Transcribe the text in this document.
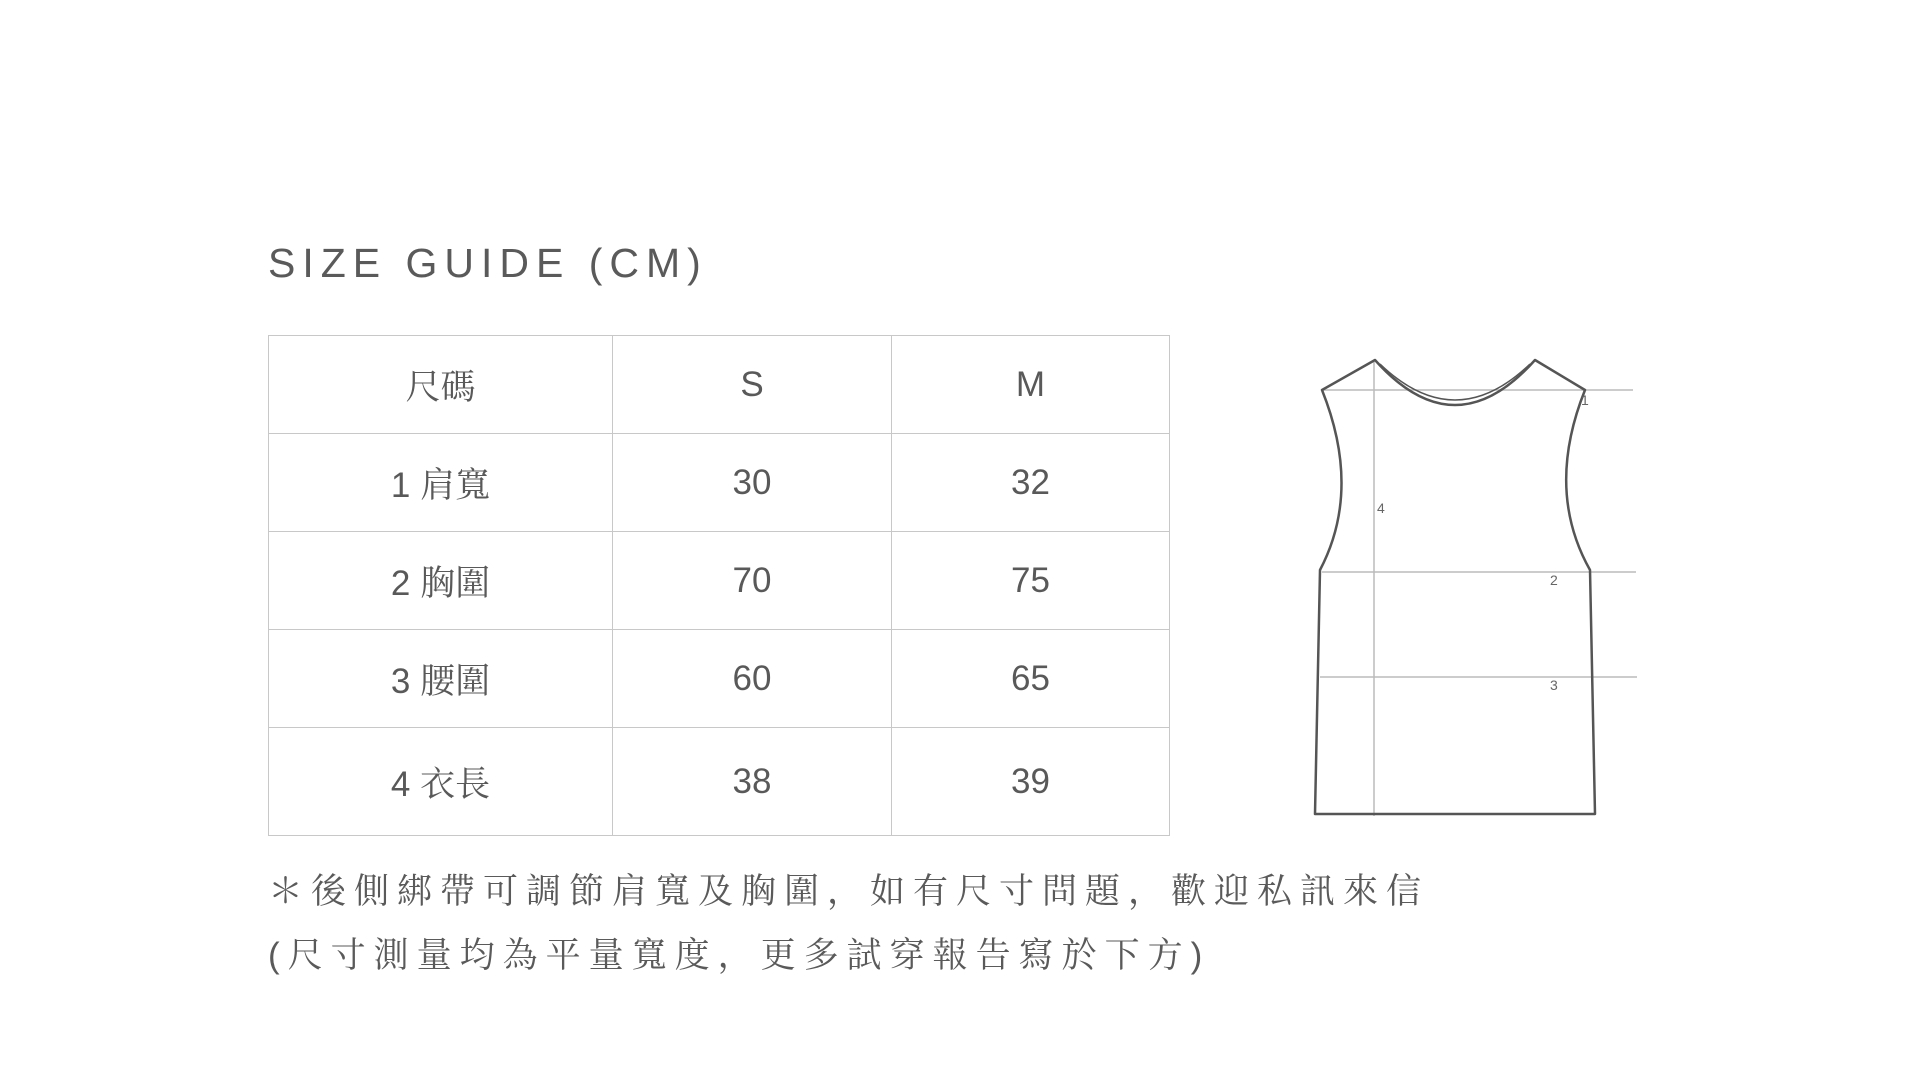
SIZE GUIDE (CM)
尺碼	S	M
1 肩寬	30	32
2 胸圍	70	75
3 腰圍	60	65
4 衣長	38	39
1
2
3
4
＊後側綁帶可調節肩寬及胸圍，如有尺寸問題，歡迎私訊來信
(尺寸測量均為平量寬度，更多試穿報告寫於下方)
